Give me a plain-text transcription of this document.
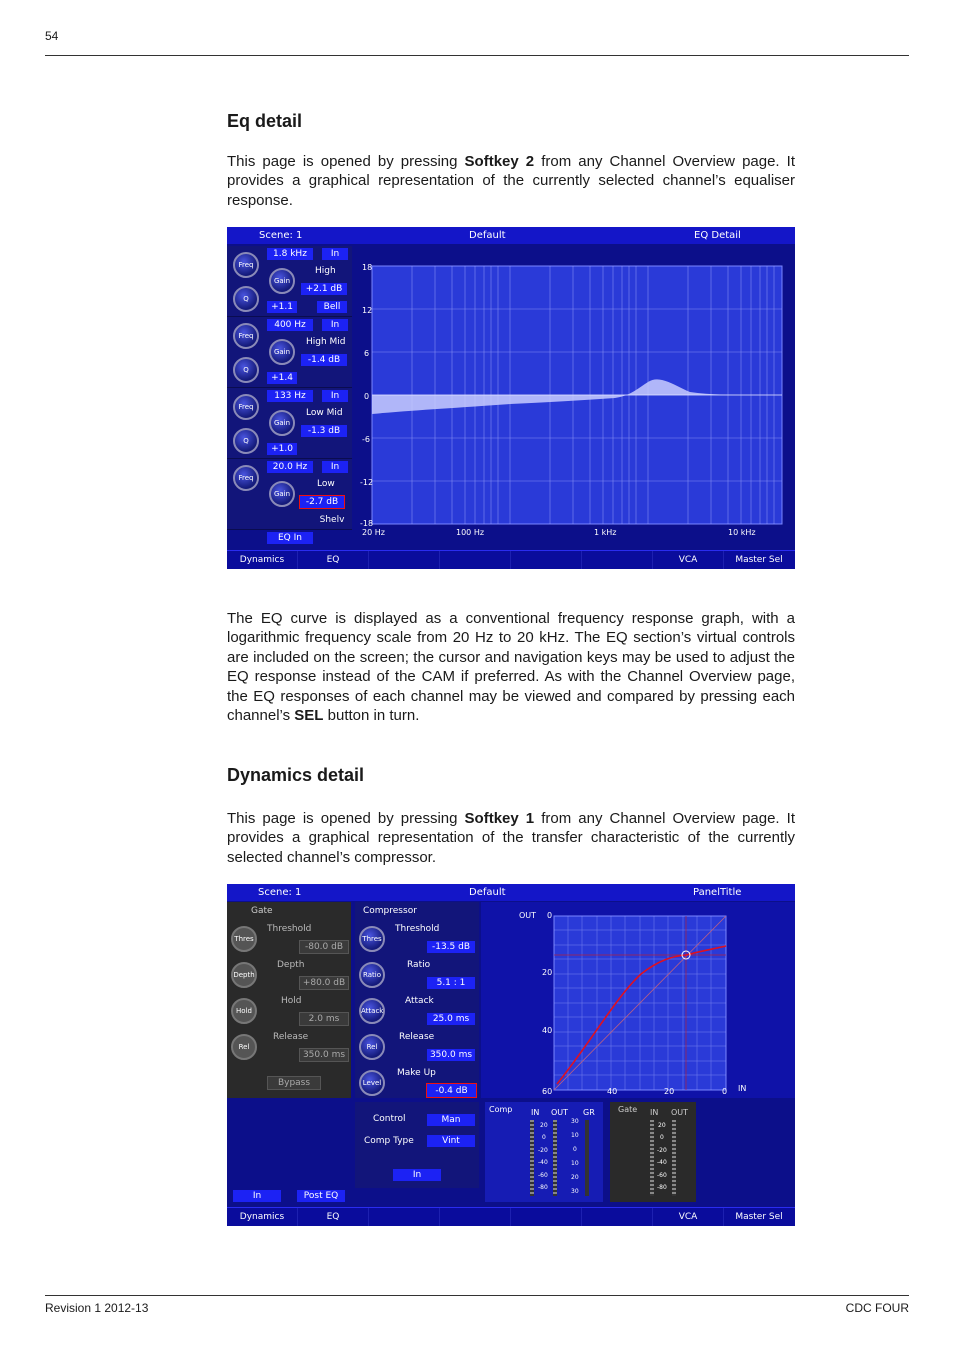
54
Eq detail
This page is opened by pressing Softkey 2 from any Channel Overview page. It provides a graphical representation of the currently selected channel’s equaliser response.
Scene: 1	Default	EQ Detail
1.8 kHz	In
Freq
Gain
Q
High
+2.1 dB
+1.1	Bell
400 Hz	In
Freq
Gain
Q
High Mid
-1.4 dB
+1.4
133 Hz	In
Freq
Gain
Q
Low Mid
-1.3 dB
+1.0
20.0 Hz	In
Freq
Gain
Low
-2.7 dB
Shelv
EQ In
18
12
6
0
-6
-12
-18
20 Hz	100 Hz	1 kHz	10 kHz
Dynamics	EQ	VCA	Master Sel
The EQ curve is displayed as a conventional frequency response graph, with a logarithmic frequency scale from 20 Hz to 20 kHz. The EQ section’s virtual controls are included on the screen; the cursor and navigation keys may be used to adjust the EQ response instead of the CAM if preferred. As with the Channel Overview page, the EQ responses of each channel may be viewed and compared by pressing each channel’s SEL button in turn.
Dynamics detail
This page is opened by pressing Softkey 1 from any Channel Overview page. It provides a graphical representation of the transfer characteristic of the currently selected channel’s compressor.
Scene: 1	Default	PanelTitle
Gate
Threshold
Thres
-80.0 dB
Depth
Depth
+80.0 dB
Hold
Hold
2.0 ms
Release
Rel
350.0 ms
Bypass
Compressor
Threshold
Thres
-13.5 dB
Ratio
Ratio
5.1 : 1
Attack
Attack
25.0 ms
Release
Rel
350.0 ms
Make Up
Level
-0.4 dB
Control	Man
Comp Type	Vint
In
In	Post EQ
OUT 0
20
40
60	40	20	0 IN
Comp IN OUT GR
20
0
-20
-40
-60
-80
30
10
0
10
20
30
Gate IN OUT
20
0
-20
-40
-60
-80
Dynamics	EQ	VCA	Master Sel
Revision 1 2012-13	CDC FOUR
